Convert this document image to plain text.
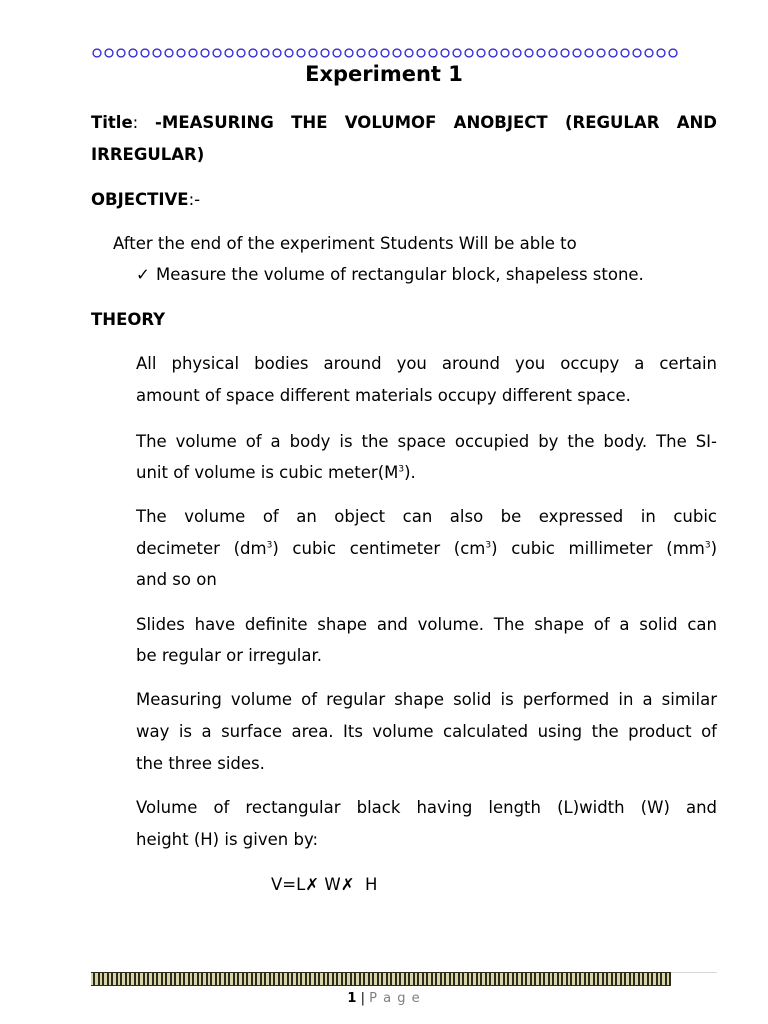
Experiment 1
Title: -MEASURING THE VOLUMOF ANOBJECT (REGULAR AND
IRREGULAR)
OBJECTIVE:-
After the end of the experiment Students Will be able to
✓ Measure the volume of rectangular block, shapeless stone.
THEORY
All physical bodies around you around you occupy a certain
amount of space different materials occupy different space.
The volume of a body is the space occupied by the body. The SI-
unit of volume is cubic $meter(M^3)$.
The volume of an object can also be expressed in cubic
decimeter $(dm^3)$ cubic centimeter $(cm^3)$ cubic millimeter $(mm^3)$
and so on
Slides have definite shape and volume. The shape of a solid can
be regular or irregular.
Measuring volume of regular shape solid is performed in a similar
way is a surface area. Its volume calculated using the product of
the three sides.
Volume of rectangular black having length (L)width (W) and
height (H) is given by:
V=L✗ W✗  H
1 | P a g e
